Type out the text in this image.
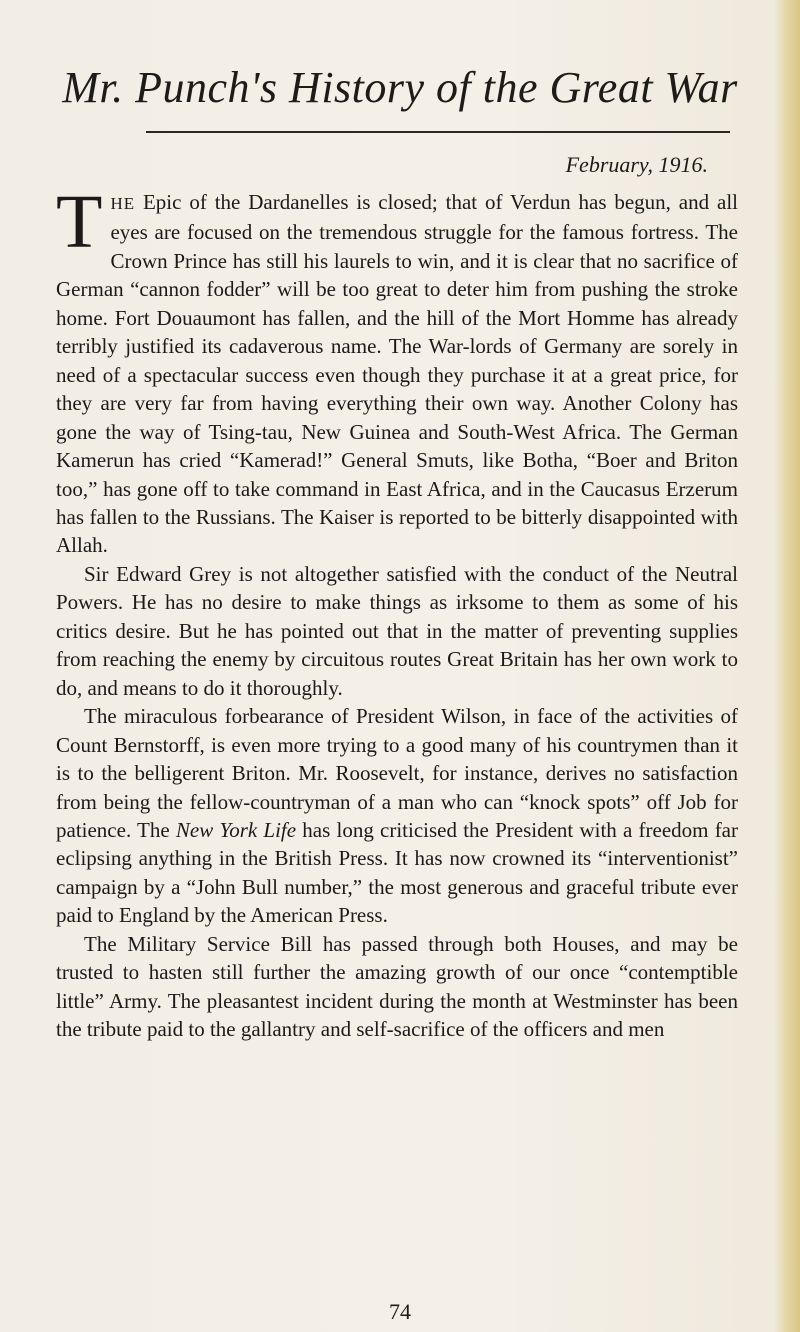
Mr. Punch's History of the Great War
February, 1916.

THE Epic of the Dardanelles is closed; that of Verdun has begun, and all eyes are focused on the tremendous struggle for the famous fortress. The Crown Prince has still his laurels to win, and it is clear that no sacrifice of German “cannon fodder” will be too great to deter him from pushing the stroke home. Fort Douaumont has fallen, and the hill of the Mort Homme has already terribly justified its cadaverous name. The War-lords of Germany are sorely in need of a spectacular success even though they purchase it at a great price, for they are very far from having everything their own way. Another Colony has gone the way of Tsing-tau, New Guinea and South-West Africa. The German Kamerun has cried “Kamerad!” General Smuts, like Botha, “Boer and Briton too,” has gone off to take command in East Africa, and in the Caucasus Erzerum has fallen to the Russians. The Kaiser is reported to be bitterly disappointed with Allah.

Sir Edward Grey is not altogether satisfied with the conduct of the Neutral Powers. He has no desire to make things as irksome to them as some of his critics desire. But he has pointed out that in the matter of preventing supplies from reaching the enemy by circuitous routes Great Britain has her own work to do, and means to do it thoroughly.

The miraculous forbearance of President Wilson, in face of the activities of Count Bernstorff, is even more trying to a good many of his countrymen than it is to the belligerent Briton. Mr. Roosevelt, for instance, derives no satisfaction from being the fellow-countryman of a man who can “knock spots” off Job for patience. The New York Life has long criticised the President with a freedom far eclipsing anything in the British Press. It has now crowned its “interventionist” campaign by a “John Bull number,” the most generous and graceful tribute ever paid to England by the American Press.

The Military Service Bill has passed through both Houses, and may be trusted to hasten still further the amazing growth of our once “contemptible little” Army. The pleasantest incident during the month at Westminster has been the tribute paid to the gallantry and self-sacrifice of the officers and men

74
